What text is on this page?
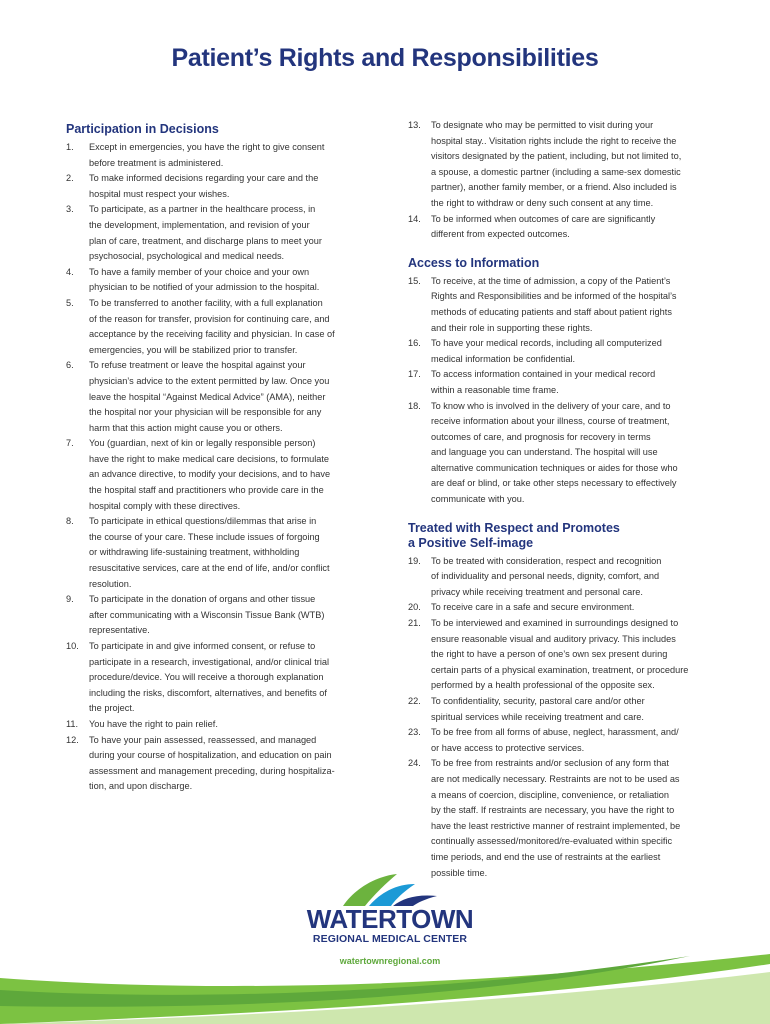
Patient’s Rights and Responsibilities
Participation in Decisions
1. Except in emergencies, you have the right to give consent
before treatment is administered.
2. To make informed decisions regarding your care and the
hospital must respect your wishes.
3. To participate, as a partner in the healthcare process, in
the development, implementation, and revision of your
plan of care, treatment, and discharge plans to meet your
psychosocial, psychological and medical needs.
4. To have a family member of your choice and your own
physician to be notified of your admission to the hospital.
5. To be transferred to another facility, with a full explanation
of the reason for transfer, provision for continuing care, and
acceptance by the receiving facility and physician. In case of
emergencies, you will be stabilized prior to transfer.
6. To refuse treatment or leave the hospital against your
physician’s advice to the extent permitted by law. Once you
leave the hospital “Against Medical Advice” (AMA), neither
the hospital nor your physician will be responsible for any
harm that this action might cause you or others.
7. You (guardian, next of kin or legally responsible person)
have the right to make medical care decisions, to formulate
an advance directive, to modify your decisions, and to have
the hospital staff and practitioners who provide care in the
hospital comply with these directives.
8. To participate in ethical questions/dilemmas that arise in
the course of your care. These include issues of forgoing
or withdrawing life-sustaining treatment, withholding
resuscitative services, care at the end of life, and/or conflict
resolution.
9. To participate in the donation of organs and other tissue
after communicating with a Wisconsin Tissue Bank (WTB)
representative.
10. To participate in and give informed consent, or refuse to
participate in a research, investigational, and/or clinical trial
procedure/device. You will receive a thorough explanation
including the risks, discomfort, alternatives, and benefits of
the project.
11. You have the right to pain relief.
12. To have your pain assessed, reassessed, and managed
during your course of hospitalization, and education on pain
assessment and management preceding, during hospitaliza-
tion, and upon discharge.
13. To designate who may be permitted to visit during your
hospital stay.. Visitation rights include the right to receive the
visitors designated by the patient, including, but not limited to,
a spouse, a domestic partner (including a same-sex domestic
partner), another family member, or a friend. Also included is
the right to withdraw or deny such consent at any time.
14. To be informed when outcomes of care are significantly
different from expected outcomes.
Access to Information
15. To receive, at the time of admission, a copy of the Patient’s
Rights and Responsibilities and be informed of the hospital’s
methods of educating patients and staff about patient rights
and their role in supporting these rights.
16. To have your medical records, including all computerized
medical information be confidential.
17. To access information contained in your medical record
within a reasonable time frame.
18. To know who is involved in the delivery of your care, and to
receive information about your illness, course of treatment,
outcomes of care, and prognosis for recovery in terms
and language you can understand. The hospital will use
alternative communication techniques or aides for those who
are deaf or blind, or take other steps necessary to effectively
communicate with you.
Treated with Respect and Promotes
a Positive Self-image
19. To be treated with consideration, respect and recognition
of individuality and personal needs, dignity, comfort, and
privacy while receiving treatment and personal care.
20. To receive care in a safe and secure environment.
21. To be interviewed and examined in surroundings designed to
ensure reasonable visual and auditory privacy. This includes
the right to have a person of one’s own sex present during
certain parts of a physical examination, treatment, or procedure
performed by a health professional of the opposite sex.
22. To confidentiality, security, pastoral care and/or other
spiritual services while receiving treatment and care.
23. To be free from all forms of abuse, neglect, harassment, and/
or have access to protective services.
24. To be free from restraints and/or seclusion of any form that
are not medically necessary. Restraints are not to be used as
a means of coercion, discipline, convenience, or retaliation
by the staff. If restraints are necessary, you have the right to
have the least restrictive manner of restraint implemented, be
continually assessed/monitored/re-evaluated within specific
time periods, and end the use of restraints at the earliest
possible time.
WATERTOWN
REGIONAL MEDICAL CENTER
watertownregional.com
